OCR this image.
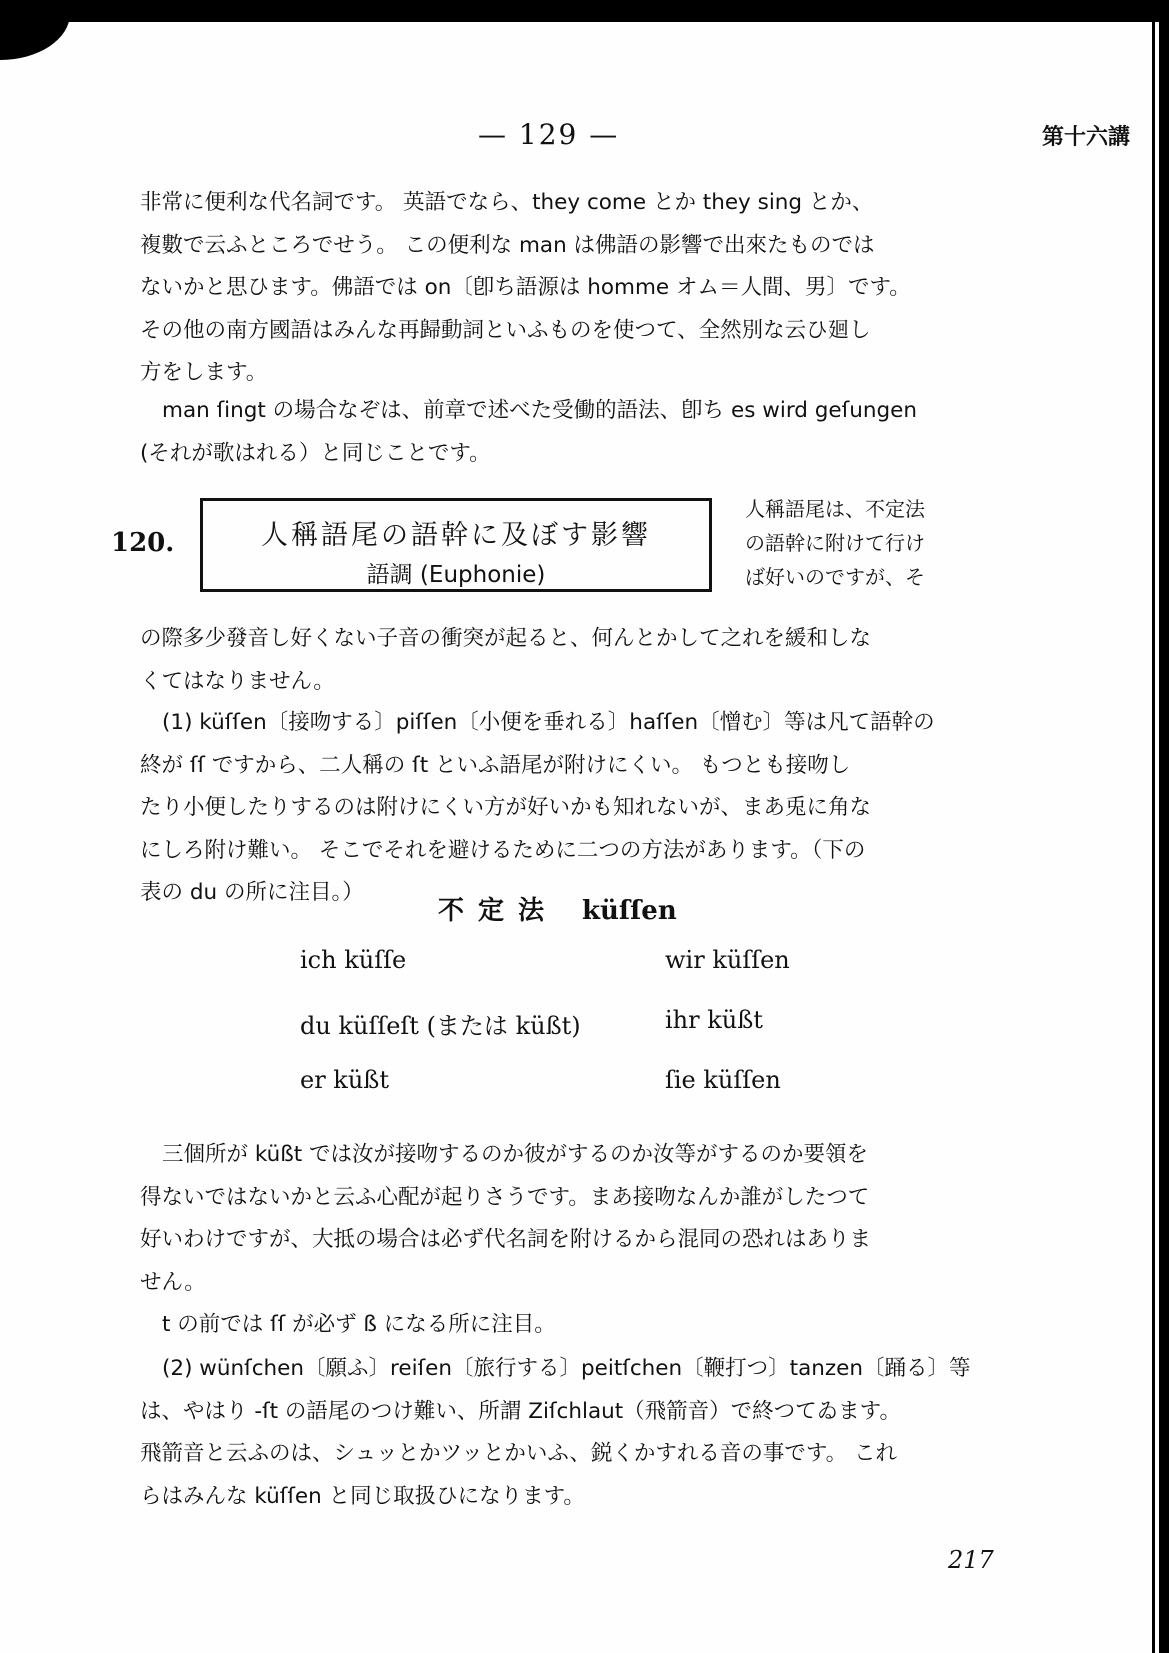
— 129 —	第十六講
非常に便利な代名詞です。 英語でなら、they come とか they sing とか、
複數で云ふところでせう。 この便利な man は佛語の影響で出來たものでは
ないかと思ひます。佛語では on〔卽ち語源は homme オム＝人間、男〕です。
その他の南方國語はみんな再歸動詞といふものを使つて、全然別な云ひ廻し
方をします。
man ſingt の場合なぞは、前章で述べた受働的語法、卽ち es wird geſungen
(それが歌はれる）と同じことです。
120.	人稱語尾の語幹に及ぼす影響
語調 (Euphonie)
人稱語尾は、不定法
の語幹に附けて行け
ば好いのですが、そ
の際多少發音し好くない子音の衝突が起ると、何んとかして之れを緩和しな
くてはなりません。
(1) küſſen〔接吻する〕piſſen〔小便を垂れる〕haſſen〔憎む〕等は凡て語幹の
終が ſſ ですから、二人稱の ſt といふ語尾が附けにくい。 もつとも接吻し
たり小便したりするのは附けにくい方が好いかも知れないが、まあ兎に角な
にしろ附け難い。 そこでそれを避けるために二つの方法があります。（下の
表の du の所に注目。）
不定法 küſſen
ich küſſe	wir küſſen
du küſſeſt (または küßt)	ihr küßt
er küßt	ſie küſſen
三個所が küßt では汝が接吻するのか彼がするのか汝等がするのか要領を
得ないではないかと云ふ心配が起りさうです。まあ接吻なんか誰がしたつて
好いわけですが、大抵の場合は必ず代名詞を附けるから混同の恐れはありま
せん。
t の前では ſſ が必ず ß になる所に注目。
(2) wünſchen〔願ふ〕reiſen〔旅行する〕peitſchen〔鞭打つ〕tanzen〔踊る〕等
は、やはり -ſt の語尾のつけ難い、所謂 Ziſchlaut（飛箭音）で終つてゐます。
飛箭音と云ふのは、シュッとかツッとかいふ、鋭くかすれる音の事です。 これ
らはみんな küſſen と同じ取扱ひになります。
217
